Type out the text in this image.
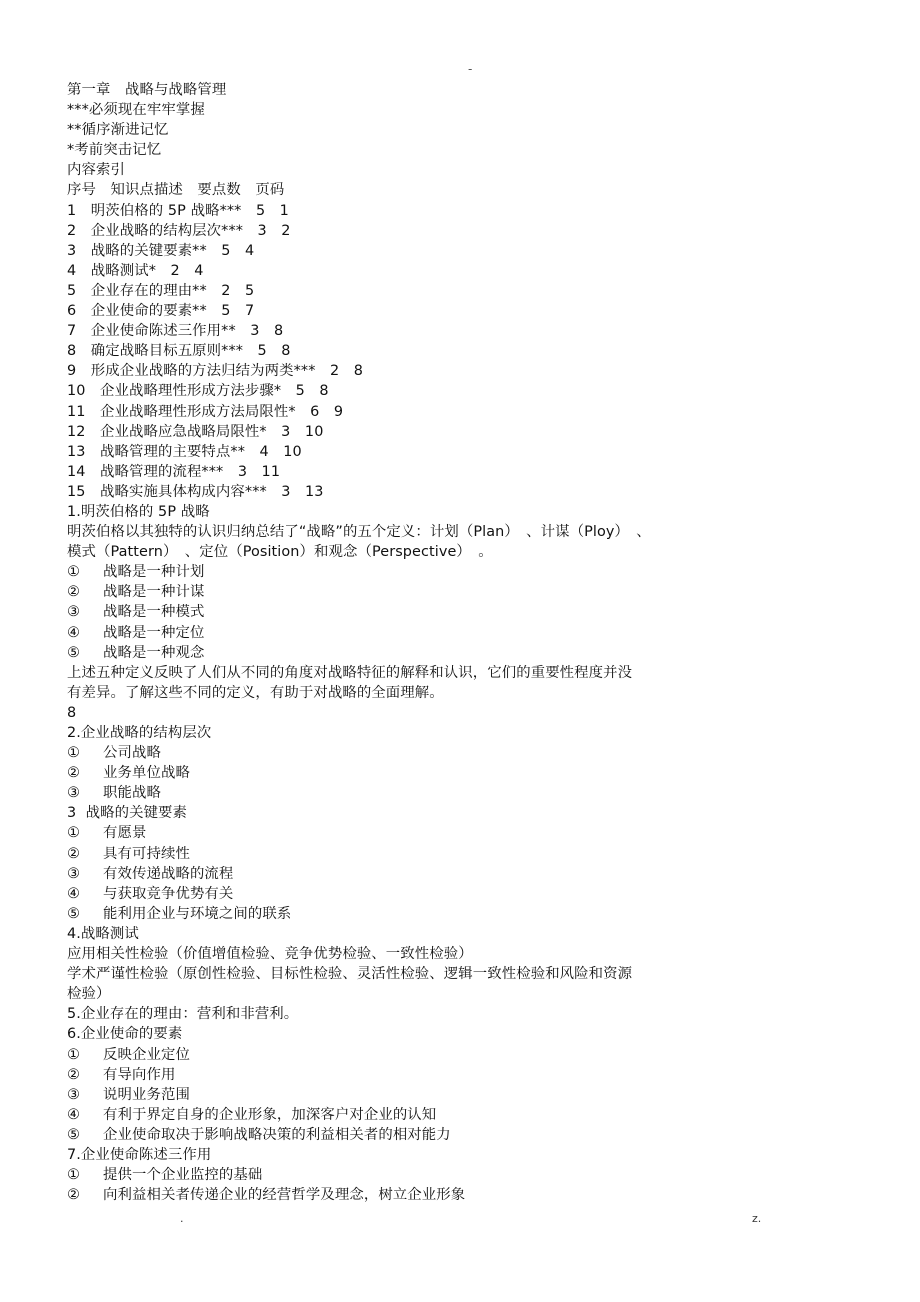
-
第一章　战略与战略管理
***必须现在牢牢掌握
**循序渐进记忆
*考前突击记忆
内容索引
序号　知识点描述　要点数　页码
1　明茨伯格的 5P 战略***　5　1
2　企业战略的结构层次***　3　2
3　战略的关键要素**　5　4
4　战略测试*　2　4
5　企业存在的理由**　2　5
6　企业使命的要素**　5　7
7　企业使命陈述三作用**　3　8
8　确定战略目标五原则***　5　8
9　形成企业战略的方法归结为两类***　2　8
10　企业战略理性形成方法步骤*　5　8
11　企业战略理性形成方法局限性*　6　9
12　企业战略应急战略局限性*　3　10
13　战略管理的主要特点**　4　10
14　战略管理的流程***　3　11
15　战略实施具体构成内容***　3　13
1.明茨伯格的 5P 战略
明茨伯格以其独特的认识归纳总结了“战略”的五个定义：计划（Plan）　、计谋（Ploy）　、
模式（Pattern）　、定位（Position）和观念（Perspective）　。
① 战略是一种计划
② 战略是一种计谋
③ 战略是一种模式
④ 战略是一种定位
⑤ 战略是一种观念
上述五种定义反映了人们从不同的角度对战略特征的解释和认识，它们的重要性程度并没
有差异。了解这些不同的定义，有助于对战略的全面理解。
8
2.企业战略的结构层次
① 公司战略
② 业务单位战略
③ 职能战略
3  战略的关键要素
① 有愿景
② 具有可持续性
③ 有效传递战略的流程
④ 与获取竞争优势有关
⑤ 能利用企业与环境之间的联系
4.战略测试
应用相关性检验（价值增值检验、竞争优势检验、一致性检验）
学术严谨性检验（原创性检验、目标性检验、灵活性检验、逻辑一致性检验和风险和资源
检验）
5.企业存在的理由：营利和非营利。
6.企业使命的要素
① 反映企业定位
② 有导向作用
③ 说明业务范围
④ 有利于界定自身的企业形象，加深客户对企业的认知
⑤ 企业使命取决于影响战略决策的利益相关者的相对能力
7.企业使命陈述三作用
① 提供一个企业监控的基础
② 向利益相关者传递企业的经营哲学及理念，树立企业形象
.	z.
